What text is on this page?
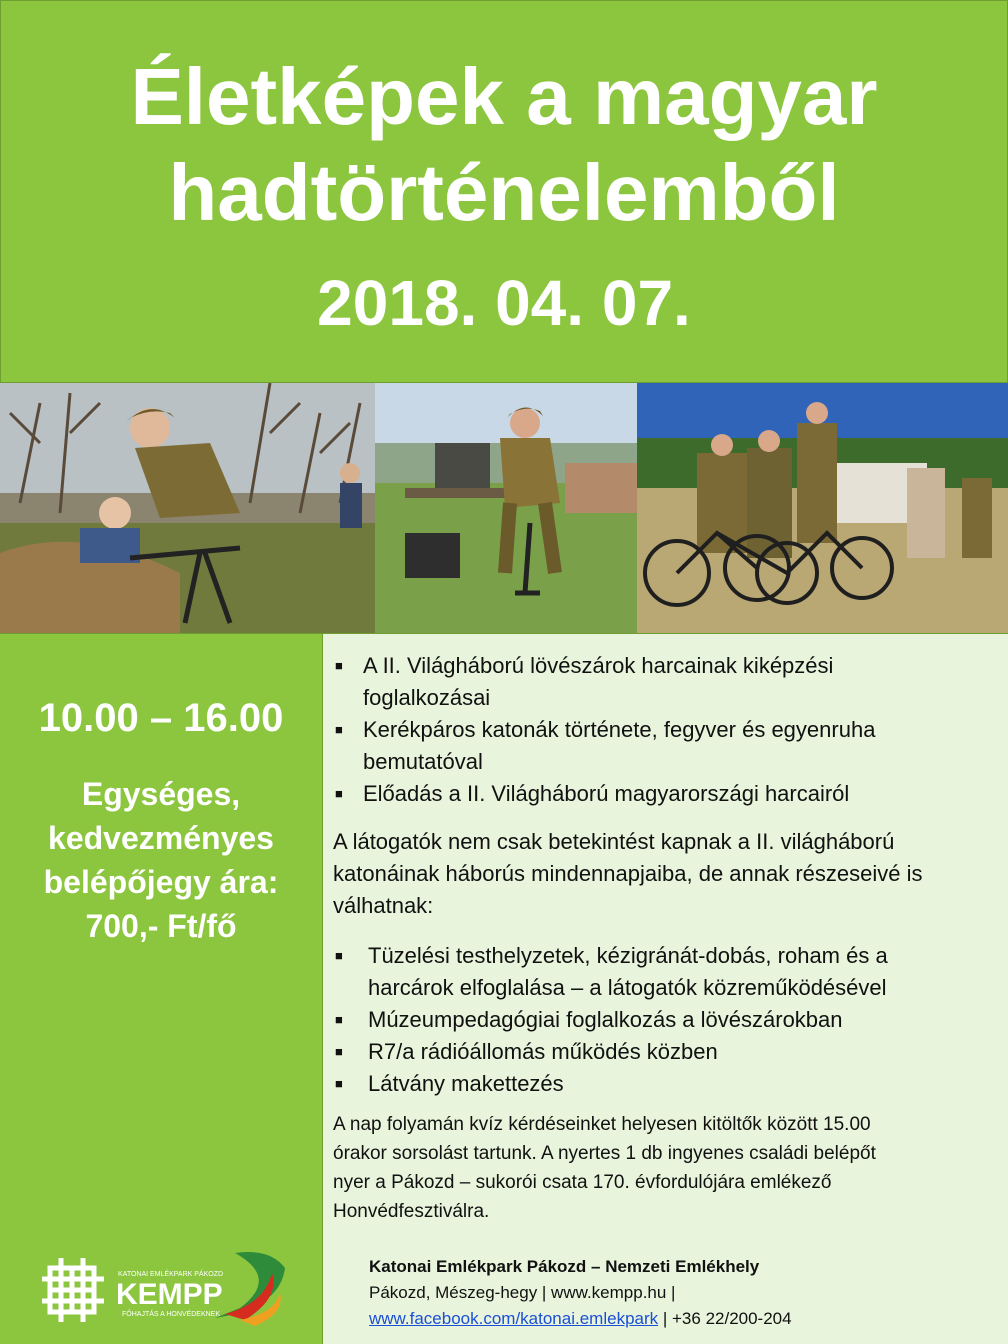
Életképek a magyar
hadtörténelemből
2018. 04. 07.
10.00 – 16.00
Egységes,
kedvezményes
belépőjegy ára:
700,- Ft/fő
KATONAI EMLÉKPARK PÁKOZD
KEMPP
FŐHAJTÁS A HONVÉDEKNEK
■ A II. Világháború lövészárok harcainak kiképzési
foglalkozásai
■ Kerékpáros katonák története, fegyver és egyenruha
bemutatóval
■ Előadás a II. Világháború magyarországi harcairól
A látogatók nem csak betekintést kapnak a II. világháború
katonáinak háborús mindennapjaiba, de annak részeseivé is
válhatnak:
■ Tüzelési testhelyzetek, kézigránát-dobás, roham és a
harcárok elfoglalása – a látogatók közreműködésével
■ Múzeumpedagógiai foglalkozás a lövészárokban
■ R7/a rádióállomás működés közben
■ Látvány makettezés
A nap folyamán kvíz kérdéseinket helyesen kitöltők között 15.00
órakor sorsolást tartunk. A nyertes 1 db ingyenes családi belépőt
nyer a Pákozd – sukorói csata 170. évfordulójára emlékező
Honvédfesztiválra.
Katonai Emlékpark Pákozd – Nemzeti Emlékhely
Pákozd, Mészeg-hegy | www.kempp.hu |
www.facebook.com/katonai.emlekpark | +36 22/200-204
